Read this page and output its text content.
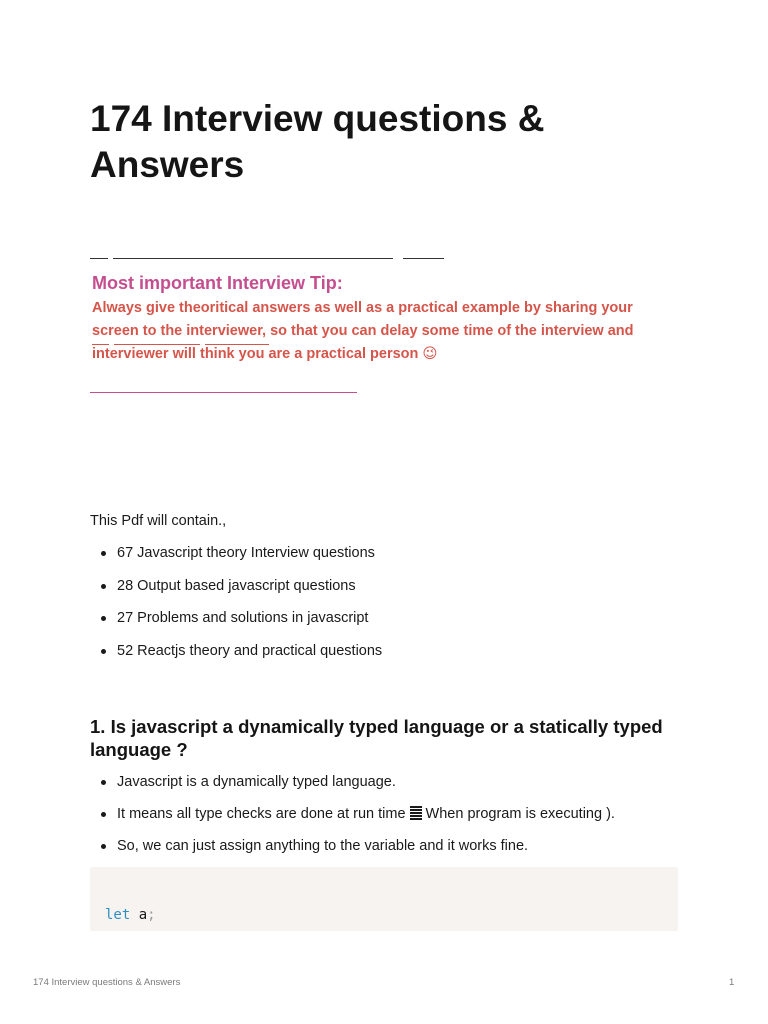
174 Interview questions & Answers
Most important Interview Tip:

Always give theoritical answers as well as a practical example by sharing your
screen to the interviewer, so that you can delay some time of the interview and
interviewer will think you are a practical person 😉

This Pdf will contain.,

67 Javascript theory Interview questions
28 Output based javascript questions
27 Problems and solutions in javascript
52 Reactjs theory and practical questions
1. Is javascript a dynamically typed language or a statically typed language ?
Javascript is a dynamically typed language.
It means all type checks are done at run time When program is executing ).
So, we can just assign anything to the variable and it works fine.
let a;
174 Interview questions & Answers	1
